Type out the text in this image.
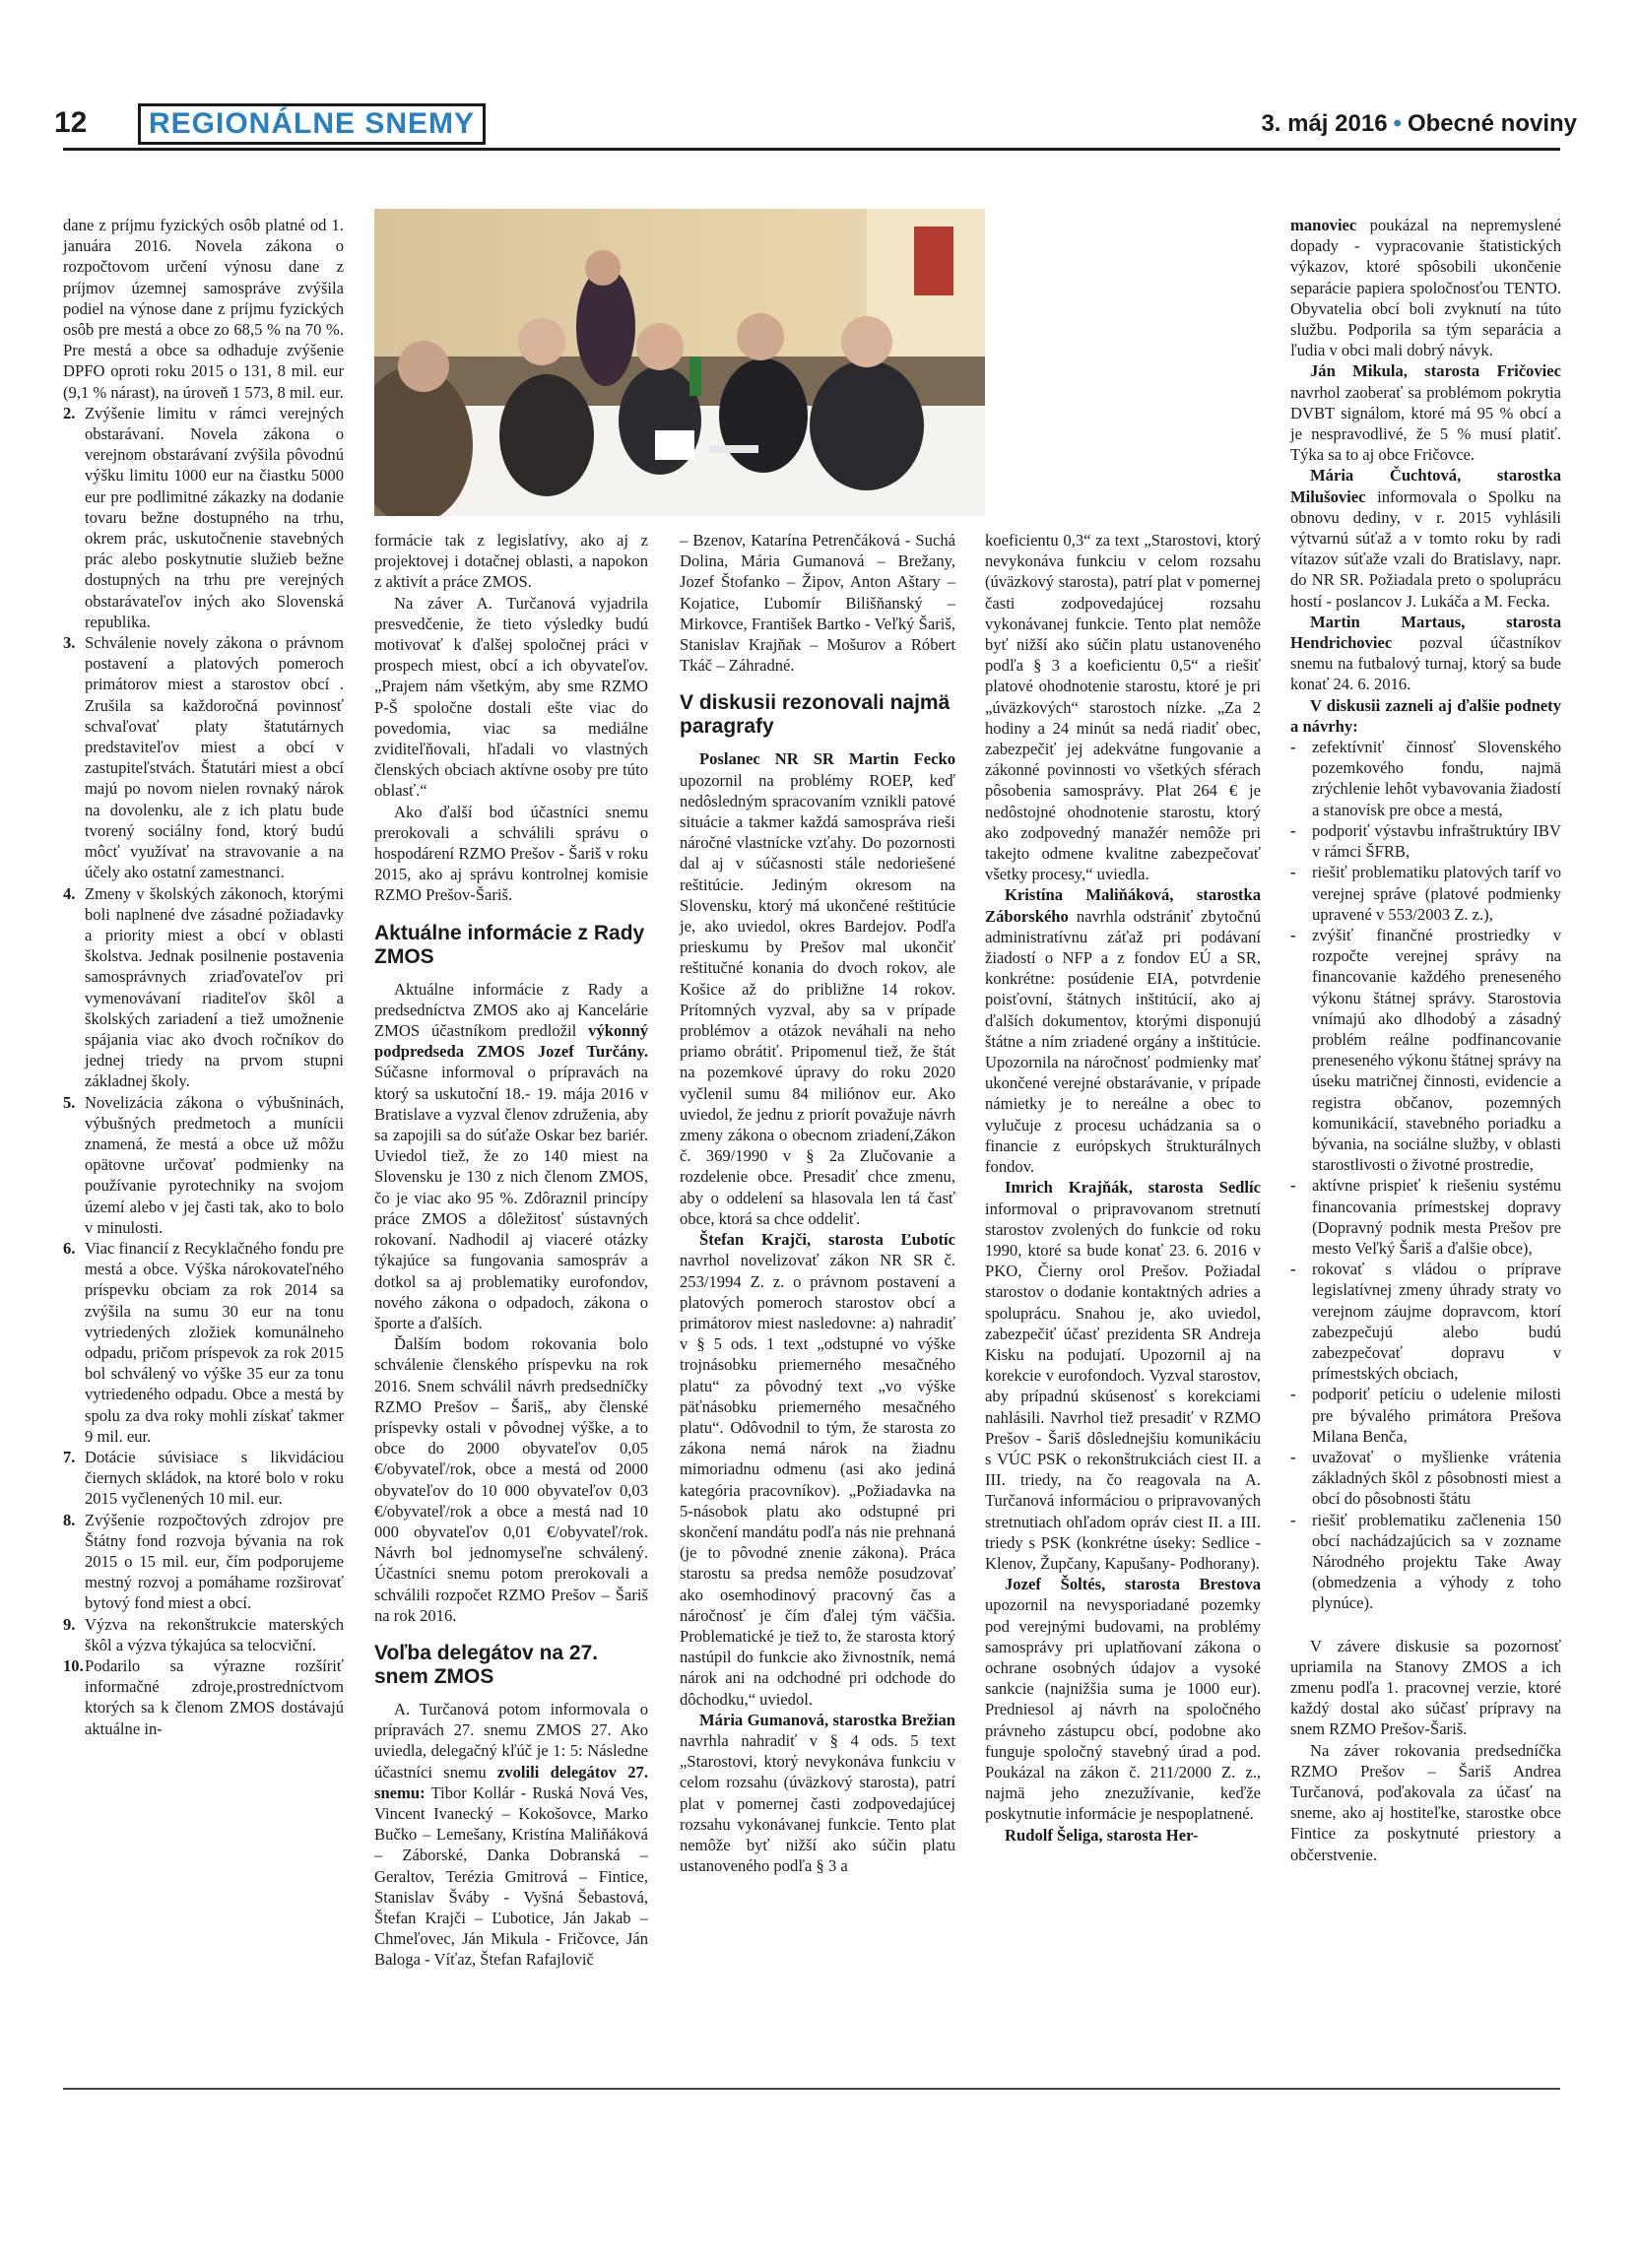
12	REGIONÁLNE SNEMY	3. máj 2016 • Obecné noviny

dane z príjmu fyzických osôb platné od 1. januára 2016. Novela zákona o rozpočtovom určení výnosu dane z príjmov územnej samospráve zvýšila podiel na výnose dane z príjmu fyzických osôb pre mestá a obce zo 68,5 % na 70 %. Pre mestá a obce sa odhaduje zvýšenie DPFO oproti roku 2015 o 131, 8 mil. eur (9,1 % nárast), na úroveň 1 573, 8 mil. eur.

2. Zvýšenie limitu v rámci verejných obstarávaní. Novela zákona o verejnom obstarávaní zvýšila pôvodnú výšku limitu 1000 eur na čiastku 5000 eur pre podlimitné zákazky na dodanie tovaru bežne dostupného na trhu, okrem prác, uskutočnenie stavebných prác alebo poskytnutie služieb bežne dostupných na trhu pre verejných obstarávateľov iných ako Slovenská republika.
3. Schválenie novely zákona o právnom postavení a platových pomeroch primátorov miest a starostov obcí . Zrušila sa každoročná povinnosť schvaľovať platy štatutárnych predstaviteľov miest a obcí v zastupiteľstvách. Štatutári miest a obcí majú po novom nielen rovnaký nárok na dovolenku, ale z ich platu bude tvorený sociálny fond, ktorý budú môcť využívať na stravovanie a na účely ako ostatní zamestnanci.
4. Zmeny v školských zákonoch, ktorými boli naplnené dve zásadné požiadavky a priority miest a obcí v oblasti školstva. Jednak posilnenie postavenia samosprávnych zriaďovateľov pri vymenovávaní riaditeľov škôl a školských zariadení a tiež umožnenie spájania viac ako dvoch ročníkov do jednej triedy na prvom stupni základnej školy.
5. Novelizácia zákona o výbušninách, výbušných predmetoch a munícii znamená, že mestá a obce už môžu opätovne určovať podmienky na používanie pyrotechniky na svojom území alebo v jej časti tak, ako to bolo v minulosti.
6. Viac financií z Recyklačného fondu pre mestá a obce. Výška nárokovateľného príspevku obciam za rok 2014 sa zvýšila na sumu 30 eur na tonu vytriedených zložiek komunálneho odpadu, pričom príspevok za rok 2015 bol schválený vo výške 35 eur za tonu vytriedeného odpadu. Obce a mestá by spolu za dva roky mohli získať takmer 9 mil. eur.
7. Dotácie súvisiace s likvidáciou čiernych skládok, na ktoré bolo v roku 2015 vyčlenených 10 mil. eur.
8. Zvýšenie rozpočtových zdrojov pre Štátny fond rozvoja bývania na rok 2015 o 15 mil. eur, čím podporujeme mestný rozvoj a pomáhame rozširovať bytový fond miest a obcí.
9. Výzva na rekonštrukcie materských škôl a výzva týkajúca sa telocviční.
10. Podarilo sa výrazne rozšíriť informačné zdroje,prostredníctvom ktorých sa k členom ZMOS dostávajú aktuálne in-

formácie tak z legislatívy, ako aj z projektovej i dotačnej oblasti, a napokon z aktivít a práce ZMOS.

Na záver A. Turčanová vyjadrila presvedčenie, že tieto výsledky budú motivovať k ďalšej spoločnej práci v prospech miest, obcí a ich obyvateľov. „Prajem nám všetkým, aby sme RZMO P-Š spoločne dostali ešte viac do povedomia, viac sa mediálne zviditeľňovali, hľadali vo vlastných členských obciach aktívne osoby pre túto oblasť.“

Ako ďalší bod účastníci snemu prerokovali a schválili správu o hospodárení RZMO Prešov - Šariš v roku 2015, ako aj správu kontrolnej komisie RZMO Prešov-Šariš.

Aktuálne informácie z Rady ZMOS

Aktuálne informácie z Rady a predsedníctva ZMOS ako aj Kancelárie ZMOS účastníkom predložil výkonný podpredseda ZMOS Jozef Turčány. Súčasne informoval o prípravách na ktorý sa uskutoční 18.- 19. mája 2016 v Bratislave a vyzval členov združenia, aby sa zapojili sa do súťaže Oskar bez bariér. Uviedol tiež, že zo 140 miest na Slovensku je 130 z nich členom ZMOS, čo je viac ako 95 %. Zdôraznil princípy práce ZMOS a dôležitosť sústavných rokovaní. Nadhodil aj viaceré otázky týkajúce sa fungovania samospráv a dotkol sa aj problematiky eurofondov, nového zákona o odpadoch, zákona o športe a ďalších.

Ďalším bodom rokovania bolo schválenie členského príspevku na rok 2016. Snem schválil návrh predsedníčky RZMO Prešov – Šariš„ aby členské príspevky ostali v pôvodnej výške, a to obce do 2000 obyvateľov 0,05 €/obyvateľ/rok, obce a mestá od 2000 obyvateľov do 10 000 obyvateľov 0,03 €/obyvateľ/rok a obce a mestá nad 10 000 obyvateľov 0,01 €/obyvateľ/rok. Návrh bol jednomyseľne schválený. Účastníci snemu potom prerokovali a schválili rozpočet RZMO Prešov – Šariš na rok 2016.

Voľba delegátov na 27. snem ZMOS

A. Turčanová potom informovala o prípravách 27. snemu ZMOS 27. Ako uviedla, delegačný kľúč je 1: 5: Následne účastníci snemu zvolili delegátov 27. snemu: Tibor Kollár - Ruská Nová Ves, Vincent Ivanecký – Kokošovce, Marko Bučko – Lemešany, Kristína Maliňáková – Záborské, Danka Dobranská – Geraltov, Terézia Gmitrová – Fintice, Stanislav Šváby - Vyšná Šebastová, Štefan Krajči – Ľubotice, Ján Jakab – Chmeľovec, Ján Mikula - Fričovce, Ján Baloga - Víťaz, Štefan Rafajlovič

– Bzenov, Katarína Petrenčáková - Suchá Dolina, Mária Gumanová – Brežany, Jozef Štofanko – Žipov, Anton Aštary – Kojatice, Ľubomír Bilišňanský – Mirkovce, František Bartko - Veľký Šariš, Stanislav Krajňak – Mošurov a Róbert Tkáč – Záhradné.

V diskusii rezonovali najmä paragrafy

Poslanec NR SR Martin Fecko upozornil na problémy ROEP, keď nedôsledným spracovaním vznikli patové situácie a takmer každá samospráva rieši náročné vlastnícke vzťahy. Do pozornosti dal aj v súčasnosti stále nedoriešené reštitúcie. Jediným okresom na Slovensku, ktorý má ukončené reštitúcie je, ako uviedol, okres Bardejov. Podľa prieskumu by Prešov mal ukončiť reštitučné konania do dvoch rokov, ale Košice až do približne 14 rokov. Prítomných vyzval, aby sa v prípade problémov a otázok neváhali na neho priamo obrátiť. Pripomenul tiež, že štát na pozemkové úpravy do roku 2020 vyčlenil sumu 84 miliónov eur. Ako uviedol, že jednu z priorít považuje návrh zmeny zákona o obecnom zriadení,Zákon č. 369/1990 v § 2a Zlučovanie a rozdelenie obce. Presadiť chce zmenu, aby o oddelení sa hlasovala len tá časť obce, ktorá sa chce oddeliť.

Štefan Krajči, starosta Ľubotíc navrhol novelizovať zákon NR SR č. 253/1994 Z. z. o právnom postavení a platových pomeroch starostov obcí a primátorov miest nasledovne: a) nahradiť v § 5 ods. 1 text „odstupné vo výške trojnásobku priemerného mesačného platu“ za pôvodný text „vo výške päťnásobku priemerného mesačného platu“. Odôvodnil to tým, že starosta zo zákona nemá nárok na žiadnu mimoriadnu odmenu (asi ako jediná kategória pracovníkov). „Požiadavka na 5-násobok platu ako odstupné pri skončení mandátu podľa nás nie prehnaná (je to pôvodné znenie zákona). Práca starostu sa predsa nemôže posudzovať ako osemhodinový pracovný čas a náročnosť je čím ďalej tým väčšia. Problematické je tiež to, že starosta ktorý nastúpil do funkcie ako živnostník, nemá nárok ani na odchodné pri odchode do dôchodku,“ uviedol.

Mária Gumanová, starostka Brežian navrhla nahradiť v § 4 ods. 5 text „Starostovi, ktorý nevykonáva funkciu v celom rozsahu (úväzkový starosta), patrí plat v pomernej časti zodpovedajúcej rozsahu vykonávanej funkcie. Tento plat nemôže byť nižší ako súčin platu ustanoveného podľa § 3 a

koeficientu 0,3“ za text „Starostovi, ktorý nevykonáva funkciu v celom rozsahu (úväzkový starosta), patrí plat v pomernej časti zodpovedajúcej rozsahu vykonávanej funkcie. Tento plat nemôže byť nižší ako súčin platu ustanoveného podľa § 3 a koeficientu 0,5“ a riešiť platové ohodnotenie starostu, ktoré je pri „úväzkových“ starostoch nízke. „Za 2 hodiny a 24 minút sa nedá riadiť obec, zabezpečiť jej adekvátne fungovanie a zákonné povinnosti vo všetkých sférach pôsobenia samosprávy. Plat 264 € je nedôstojné ohodnotenie starostu, ktorý ako zodpovedný manažér nemôže pri takejto odmene kvalitne zabezpečovať všetky procesy,“ uviedla.

Kristína Maliňáková, starostka Záborského navrhla odstrániť zbytočnú administratívnu záťaž pri podávaní žiadostí o NFP a z fondov EÚ a SR, konkrétne: posúdenie EIA, potvrdenie poisťovní, štátnych inštitúcií, ako aj ďalších dokumentov, ktorými disponujú štátne a ním zriadené orgány a inštitúcie. Upozornila na náročnosť podmienky mať ukončené verejné obstarávanie, v prípade námietky je to nereálne a obec to vylučuje z procesu uchádzania sa o financie z európskych štrukturálnych fondov.

Imrich Krajňák, starosta Sedlíc informoval o pripravovanom stretnutí starostov zvolených do funkcie od roku 1990, ktoré sa bude konať 23. 6. 2016 v PKO, Čierny orol Prešov. Požiadal starostov o dodanie kontaktných adries a spoluprácu. Snahou je, ako uviedol, zabezpečiť účasť prezidenta SR Andreja Kisku na podujatí. Upozornil aj na korekcie v eurofondoch. Vyzval starostov, aby prípadnú skúsenosť s korekciami nahlásili. Navrhol tiež presadiť v RZMO Prešov - Šariš dôslednejšiu komunikáciu s VÚC PSK o rekonštrukciách ciest II. a III. triedy, na čo reagovala na A. Turčanová informáciou o pripravovaných stretnutiach ohľadom opráv ciest II. a III. triedy s PSK (konkrétne úseky: Sedlice - Klenov, Župčany, Kapušany- Podhorany).

Jozef Šoltés, starosta Brestova upozornil na nevysporiadané pozemky pod verejnými budovami, na problémy samosprávy pri uplatňovaní zákona o ochrane osobných údajov a vysoké sankcie (najnižšia suma je 1000 eur). Predniesol aj návrh na spoločného právneho zástupcu obcí, podobne ako funguje spoločný stavebný úrad a pod. Poukázal na zákon č. 211/2000 Z. z., najmä jeho znezužívanie, keďže poskytnutie informácie je nespoplatnené.

Rudolf Šeliga, starosta Her-

manoviec poukázal na nepremyslené dopady - vypracovanie štatistických výkazov, ktoré spôsobili ukončenie separácie papiera spoločnosťou TENTO. Obyvatelia obcí boli zvyknutí na túto službu. Podporila sa tým separácia a ľudia v obci mali dobrý návyk.

Ján Mikula, starosta Fričoviec navrhol zaoberať sa problémom pokrytia DVBT signálom, ktoré má 95 % obcí a je nespravodlivé, že 5 % musí platiť. Týka sa to aj obce Fričovce.

Mária Čuchtová, starostka Milušoviec informovala o Spolku na obnovu dediny, v r. 2015 vyhlásili výtvarnú súťaž a v tomto roku by radi vítazov súťaže vzali do Bratislavy, napr. do NR SR. Požiadala preto o spoluprácu hostí - poslancov J. Lukáča a M. Fecka.

Martin Martaus, starosta Hendrichoviec pozval účastníkov snemu na futbalový turnaj, ktorý sa bude konať 24. 6. 2016.

V diskusii zazneli aj ďalšie podnety a návrhy:

- zefektívniť činnosť Slovenského pozemkového fondu, najmä zrýchlenie lehôt vybavovania žiadostí a stanovísk pre obce a mestá,
- podporiť výstavbu infraštruktúry IBV v rámci ŠFRB,
- riešiť problematiku platových taríf vo verejnej správe (platové podmienky upravené v 553/2003 Z. z.),
- zvýšiť finančné prostriedky v rozpočte verejnej správy na financovanie každého preneseného výkonu štátnej správy. Starostovia vnímajú ako dlhodobý a zásadný problém reálne podfinancovanie preneseného výkonu štátnej správy na úseku matričnej činnosti, evidencie a registra občanov, pozemných komunikácií, stavebného poriadku a bývania, na sociálne služby, v oblasti starostlivosti o životné prostredie,
- aktívne prispieť k riešeniu systému financovania prímestskej dopravy (Dopravný podnik mesta Prešov pre mesto Veľký Šariš a ďalšie obce),
- rokovať s vládou o príprave legislatívnej zmeny úhrady straty vo verejnom záujme dopravcom, ktorí zabezpečujú alebo budú zabezpečovať dopravu v prímestských obciach,
- podporiť petíciu o udelenie milosti pre bývalého primátora Prešova Milana Benča,
- uvažovať o myšlienke vrátenia základných škôl z pôsobnosti miest a obcí do pôsobnosti štátu
- riešiť problematiku začlenenia 150 obcí nachádzajúcich sa v zozname Národného projektu Take Away (obmedzenia a výhody z toho plynúce).

V závere diskusie sa pozornosť upriamila na Stanovy ZMOS a ich zmenu podľa 1. pracovnej verzie, ktoré každý dostal ako súčasť prípravy na snem RZMO Prešov-Šariš.

Na záver rokovania predsedníčka RZMO Prešov – Šariš Andrea Turčanová, poďakovala za účasť na sneme, ako aj hostiteľke, starostke obce Fintice za poskytnuté priestory a občerstvenie.
